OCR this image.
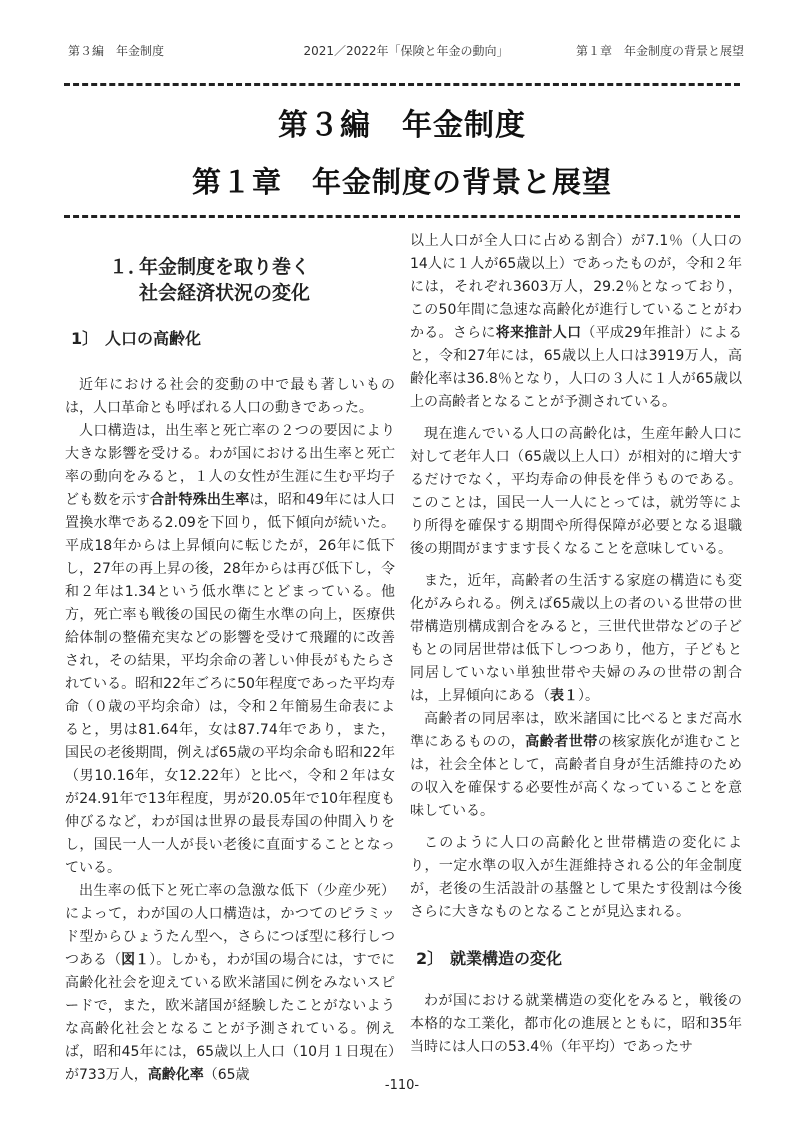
第３編　年金制度	2021／2022年「保険と年金の動向」	第１章　年金制度の背景と展望
第３編　年金制度
第１章　年金制度の背景と展望
１．年金制度を取り巻く
社会経済状況の変化
1〕 人口の高齢化

近年における社会的変動の中で最も著しいものは，人口革命とも呼ばれる人口の動きであった。

人口構造は，出生率と死亡率の２つの要因により大きな影響を受ける。わが国における出生率と死亡率の動向をみると，１人の女性が生涯に生む平均子ども数を示す合計特殊出生率は，昭和49年には人口置換水準である2.09を下回り，低下傾向が続いた。平成18年からは上昇傾向に転じたが，26年に低下し，27年の再上昇の後，28年からは再び低下し，令和２年は1.34という低水準にとどまっている。他方，死亡率も戦後の国民の衛生水準の向上，医療供給体制の整備充実などの影響を受けて飛躍的に改善され，その結果，平均余命の著しい伸長がもたらされている。昭和22年ごろに50年程度であった平均寿命（０歳の平均余命）は，令和２年簡易生命表によると，男は81.64年，女は87.74年であり，また，国民の老後期間，例えば65歳の平均余命も昭和22年（男10.16年，女12.22年）と比べ，令和２年は女が24.91年で13年程度，男が20.05年で10年程度も伸びるなど，わが国は世界の最長寿国の仲間入りをし，国民一人一人が長い老後に直面することとなっている。

出生率の低下と死亡率の急激な低下（少産少死）によって，わが国の人口構造は，かつてのピラミッド型からひょうたん型へ，さらにつぼ型に移行しつつある（図１）。しかも，わが国の場合には，すでに高齢化社会を迎えている欧米諸国に例をみないスピードで，また，欧米諸国が経験したことがないような高齢化社会となることが予測されている。例えば，昭和45年には，65歳以上人口（10月１日現在）が733万人，高齢化率（65歳

以上人口が全人口に占める割合）が7.1％（人口の14人に１人が65歳以上）であったものが，令和２年には，それぞれ3603万人，29.2％となっており，この50年間に急速な高齢化が進行していることがわかる。さらに将来推計人口（平成29年推計）によると，令和27年には，65歳以上人口は3919万人，高齢化率は36.8％となり，人口の３人に１人が65歳以上の高齢者となることが予測されている。

現在進んでいる人口の高齢化は，生産年齢人口に対して老年人口（65歳以上人口）が相対的に増大するだけでなく，平均寿命の伸長を伴うものである。このことは，国民一人一人にとっては，就労等により所得を確保する期間や所得保障が必要となる退職後の期間がますます長くなることを意味している。

また，近年，高齢者の生活する家庭の構造にも変化がみられる。例えば65歳以上の者のいる世帯の世帯構造別構成割合をみると，三世代世帯などの子どもとの同居世帯は低下しつつあり，他方，子どもと同居していない単独世帯や夫婦のみの世帯の割合は，上昇傾向にある（表１）。

高齢者の同居率は，欧米諸国に比べるとまだ高水準にあるものの，高齢者世帯の核家族化が進むことは，社会全体として，高齢者自身が生活維持のための収入を確保する必要性が高くなっていることを意味している。

このように人口の高齢化と世帯構造の変化により，一定水準の収入が生涯維持される公的年金制度が，老後の生活設計の基盤として果たす役割は今後さらに大きなものとなることが見込まれる。

2〕 就業構造の変化

わが国における就業構造の変化をみると，戦後の本格的な工業化，都市化の進展とともに，昭和35年当時には人口の53.4％（年平均）であったサ

-110-
